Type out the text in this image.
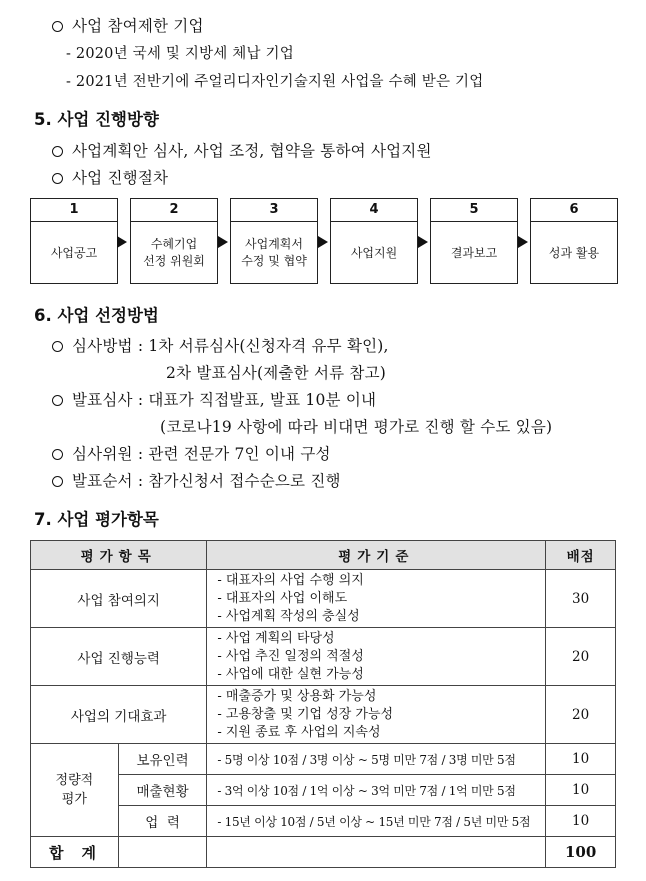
사업 참여제한 기업
- 2020년 국세 및 지방세 체납 기업
- 2021년 전반기에 주얼리디자인기술지원 사업을 수혜 받은 기업
5. 사업 진행방향
사업계획안 심사, 사업 조정, 협약을 통하여 사업지원
사업 진행절차
1
사업공고
2
수혜기업
선정 위원회
3
사업계획서
수정 및 협약
4
사업지원
5
결과보고
6
성과 활용
6. 사업 선정방법
심사방법 : 1차 서류심사(신청자격 유무 확인),
2차 발표심사(제출한 서류 참고)
발표심사 : 대표가 직접발표, 발표 10분 이내
(코로나19 사항에 따라 비대면 평가로 진행 할 수도 있음)
심사위원 : 관련 전문가 7인 이내 구성
발표순서 : 참가신청서 접수순으로 진행
7. 사업 평가항목
평가항목		평가기준	배점
사업 참여의지		- 대표자의 사업 수행 의지
- 대표자의 사업 이해도
- 사업계획 작성의 충실성	30
사업 진행능력		- 사업 계획의 타당성
- 사업 추진 일정의 적절성
- 사업에 대한 실현 가능성	20
사업의 기대효과		- 매출증가 및 상용화 가능성
- 고용창출 및 기업 성장 가능성
- 지원 종료 후 사업의 지속성	20
정량적
평가	보유인력	- 5명 이상 10점 / 3명 이상 ~ 5명 미만 7점 / 3명 미만 5점	10
	매출현황	- 3억 이상 10점 / 1억 이상 ~ 3억 미만 7점 / 1억 미만 5점	10
	업  력	- 15년 이상 10점 / 5년 이상 ~ 15년 미만 7점 / 5년 미만 5점	10
합계			100
